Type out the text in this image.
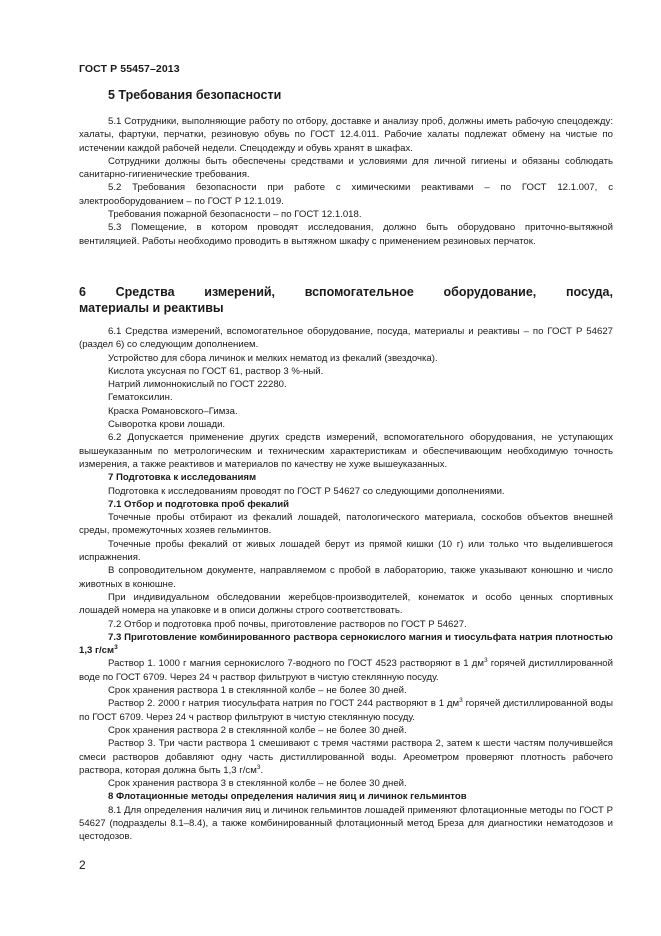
ГОСТ Р 55457–2013
5 Требования безопасности

5.1 Сотрудники, выполняющие работу по отбору, доставке и анализу проб, должны иметь рабочую спецодежду: халаты, фартуки, перчатки, резиновую обувь по ГОСТ 12.4.011. Рабочие халаты подлежат обмену на чистые по истечении каждой рабочей недели. Спецодежду и обувь хранят в шкафах.

Сотрудники должны быть обеспечены средствами и условиями для личной гигиены и обязаны соблюдать санитарно-гигиенические требования.

5.2 Требования безопасности при работе с химическими реактивами – по ГОСТ 12.1.007, с электрооборудованием – по ГОСТ Р 12.1.019.

Требования пожарной безопасности – по ГОСТ 12.1.018.

5.3 Помещение, в котором проводят исследования, должно быть оборудовано приточно-вытяжной вентиляцией. Работы необходимо проводить в вытяжном шкафу с применением резиновых перчаток.

6 Средства измерений, вспомогательное оборудование, посуда,
материалы и реактивы

6.1 Средства измерений, вспомогательное оборудование, посуда, материалы и реактивы – по ГОСТ Р 54627 (раздел 6) со следующим дополнением.

Устройство для сбора личинок и мелких нематод из фекалий (звездочка).

Кислота уксусная по ГОСТ 61, раствор 3 %-ный.

Натрий лимоннокислый по ГОСТ 22280.

Гематоксилин.

Краска Романовского–Гимза.

Сыворотка крови лошади.

6.2 Допускается применение других средств измерений, вспомогательного оборудования, не уступающих вышеуказанным по метрологическим и техническим характеристикам и обеспечивающим необходимую точность измерения, а также реактивов и материалов по качеству не хуже вышеуказанных.

7 Подготовка к исследованиям

Подготовка к исследованиям проводят по ГОСТ Р 54627 со следующими дополнениями.

7.1 Отбор и подготовка проб фекалий

Точечные пробы отбирают из фекалий лошадей, патологического материала, соскобов объектов внешней среды, промежуточных хозяев гельминтов.

Точечные пробы фекалий от живых лошадей берут из прямой кишки (10 г) или только что выделившегося испражнения.

В сопроводительном документе, направляемом с пробой в лабораторию, также указывают конюшню и число животных в конюшне.

При индивидуальном обследовании жеребцов-производителей, конематок и особо ценных спортивных лошадей номера на упаковке и в описи должны строго соответствовать.

7.2 Отбор и подготовка проб почвы, приготовление растворов по ГОСТ Р 54627.

7.3 Приготовление комбинированного раствора сернокислого магния и тиосульфата натрия плотностью 1,3 $г/см^3$

Раствор 1. 1000 г магния сернокислого 7-водного по ГОСТ 4523 растворяют в 1 $дм^3$ горячей дистиллированной воде по ГОСТ 6709. Через 24 ч раствор фильтруют в чистую стеклянную посуду.

Срок хранения раствора 1 в стеклянной колбе – не более 30 дней.

Раствор 2. 2000 г натрия тиосульфата натрия по ГОСТ 244 растворяют в 1 $дм^3$ горячей дистиллированной воды по ГОСТ 6709. Через 24 ч раствор фильтруют в чистую стеклянную посуду.

Срок хранения раствора 2 в стеклянной колбе – не более 30 дней.

Раствор 3. Три части раствора 1 смешивают с тремя частями раствора 2, затем к шести частям получившейся смеси растворов добавляют одну часть дистиллированной воды. Ареометром проверяют плотность рабочего раствора, которая должна быть 1,3 $г/см^3$.

Срок хранения раствора 3 в стеклянной колбе – не более 30 дней.

8 Флотационные методы определения наличия яиц и личинок гельминтов

8.1 Для определения наличия яиц и личинок гельминтов лошадей применяют флотационные методы по ГОСТ Р 54627 (подразделы 8.1–8.4), а также комбинированный флотационный метод Бреза для диагностики нематодозов и цестодозов.

2
